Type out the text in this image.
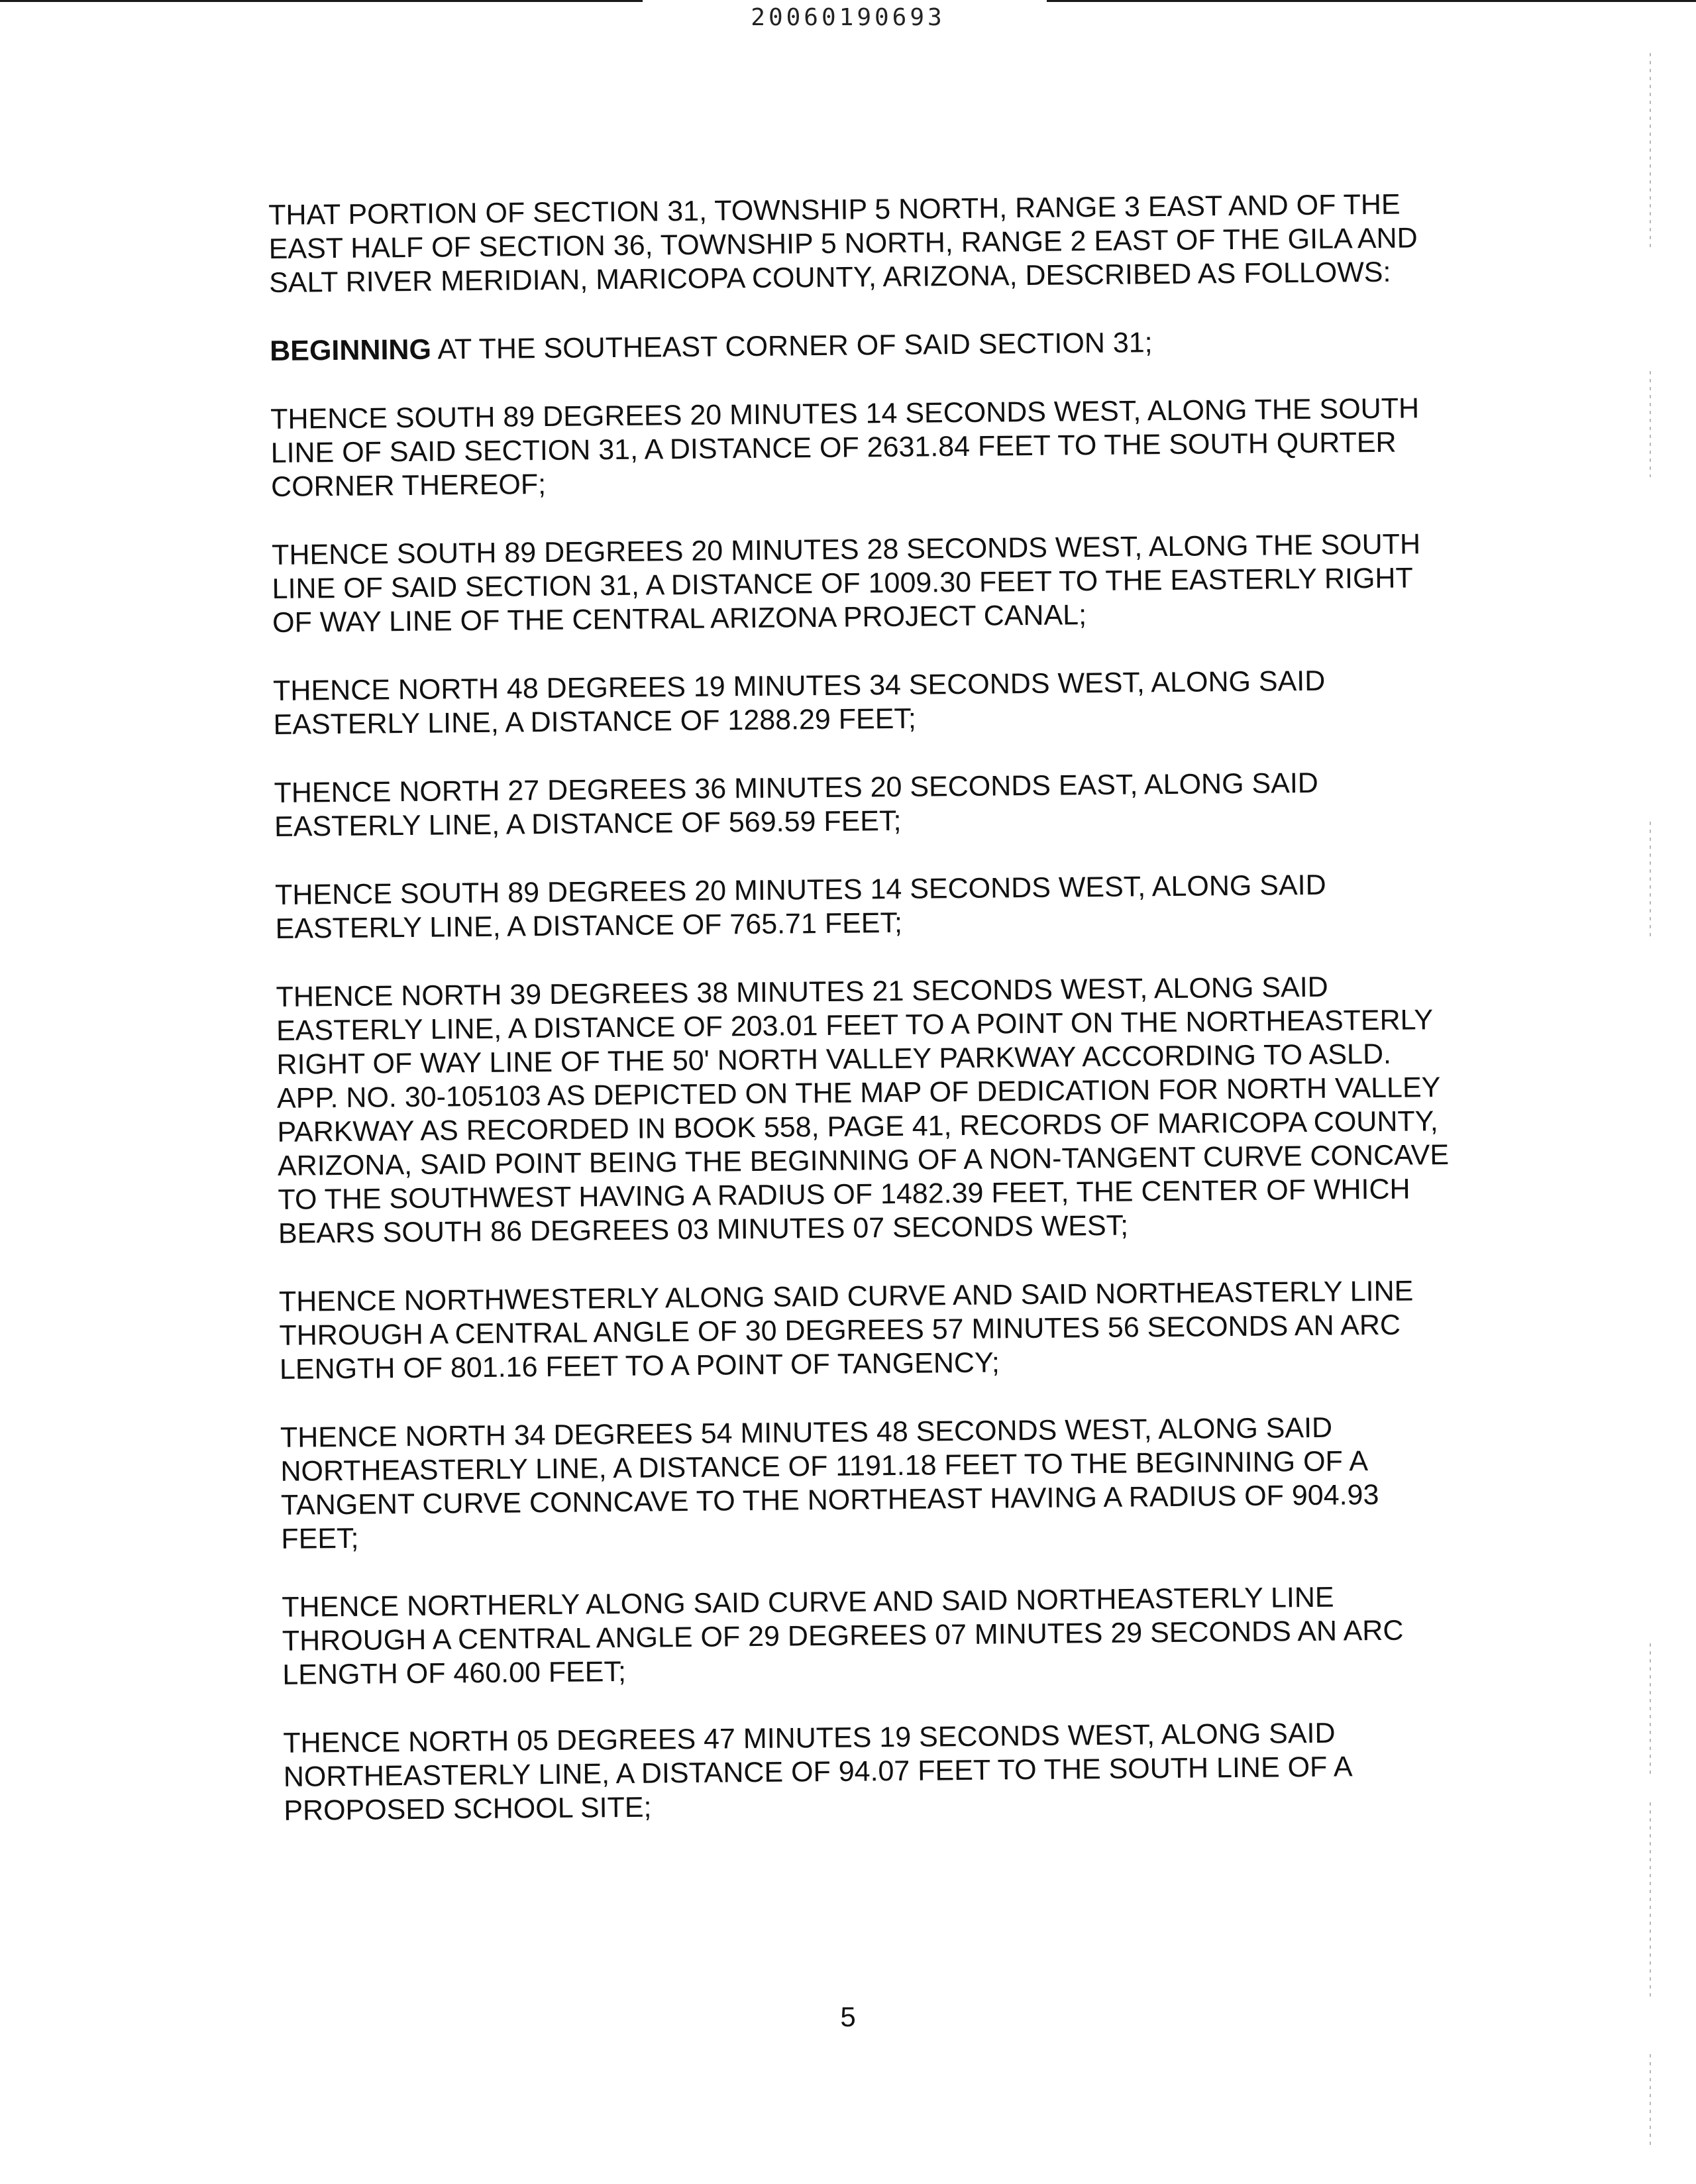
20060190693

THAT PORTION OF SECTION 31, TOWNSHIP 5 NORTH, RANGE 3 EAST AND OF THE EAST HALF OF SECTION 36, TOWNSHIP 5 NORTH, RANGE 2 EAST OF THE GILA AND SALT RIVER MERIDIAN, MARICOPA COUNTY, ARIZONA, DESCRIBED AS FOLLOWS:

BEGINNING AT THE SOUTHEAST CORNER OF SAID SECTION 31;

THENCE SOUTH 89 DEGREES 20 MINUTES 14 SECONDS WEST, ALONG THE SOUTH LINE OF SAID SECTION 31, A DISTANCE OF 2631.84 FEET TO THE SOUTH QURTER CORNER THEREOF;

THENCE SOUTH 89 DEGREES 20 MINUTES 28 SECONDS WEST, ALONG THE SOUTH LINE OF SAID SECTION 31, A DISTANCE OF 1009.30 FEET TO THE EASTERLY RIGHT OF WAY LINE OF THE CENTRAL ARIZONA PROJECT CANAL;

THENCE NORTH 48 DEGREES 19 MINUTES 34 SECONDS WEST, ALONG SAID EASTERLY LINE, A DISTANCE OF 1288.29 FEET;

THENCE NORTH 27 DEGREES 36 MINUTES 20 SECONDS EAST, ALONG SAID EASTERLY LINE, A DISTANCE OF 569.59 FEET;

THENCE SOUTH 89 DEGREES 20 MINUTES 14 SECONDS WEST, ALONG SAID EASTERLY LINE, A DISTANCE OF 765.71 FEET;

THENCE NORTH 39 DEGREES 38 MINUTES 21 SECONDS WEST, ALONG SAID EASTERLY LINE, A DISTANCE OF 203.01 FEET TO A POINT ON THE NORTHEASTERLY RIGHT OF WAY LINE OF THE 50' NORTH VALLEY PARKWAY ACCORDING TO ASLD. APP. NO. 30-105103 AS DEPICTED ON THE MAP OF DEDICATION FOR NORTH VALLEY PARKWAY AS RECORDED IN BOOK 558, PAGE 41, RECORDS OF MARICOPA COUNTY, ARIZONA, SAID POINT BEING THE BEGINNING OF A NON-TANGENT CURVE CONCAVE TO THE SOUTHWEST HAVING A RADIUS OF 1482.39 FEET, THE CENTER OF WHICH BEARS SOUTH 86 DEGREES 03 MINUTES 07 SECONDS WEST;

THENCE NORTHWESTERLY ALONG SAID CURVE AND SAID NORTHEASTERLY LINE THROUGH A CENTRAL ANGLE OF 30 DEGREES 57 MINUTES 56 SECONDS AN ARC LENGTH OF 801.16 FEET TO A POINT OF TANGENCY;

THENCE NORTH 34 DEGREES 54 MINUTES 48 SECONDS WEST, ALONG SAID NORTHEASTERLY LINE, A DISTANCE OF 1191.18 FEET TO THE BEGINNING OF A TANGENT CURVE CONNCAVE TO THE NORTHEAST HAVING A RADIUS OF 904.93 FEET;

THENCE NORTHERLY ALONG SAID CURVE AND SAID NORTHEASTERLY LINE THROUGH A CENTRAL ANGLE OF 29 DEGREES 07 MINUTES 29 SECONDS AN ARC LENGTH OF 460.00 FEET;

THENCE NORTH 05 DEGREES 47 MINUTES 19 SECONDS WEST, ALONG SAID NORTHEASTERLY LINE, A DISTANCE OF 94.07 FEET TO THE SOUTH LINE OF A PROPOSED SCHOOL SITE;

5
